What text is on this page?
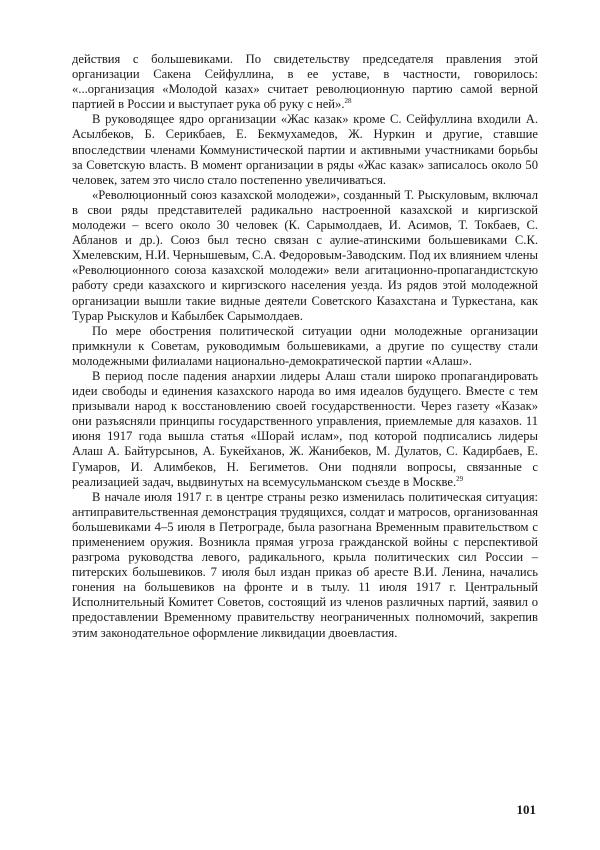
действия с большевиками. По свидетельству председателя правления этой организации Сакена Сейфуллина, в ее уставе, в частности, говорилось: «...организация «Молодой казах» считает революционную партию самой верной партией в России и выступает рука об руку с ней».$^{28}$

В руководящее ядро организации «Жас казак» кроме С. Сейфуллина входили А. Асылбеков, Б. Серикбаев, Е. Бекмухамедов, Ж. Нуркин и другие, ставшие впоследствии членами Коммунистической партии и активными участниками борьбы за Советскую власть. В момент организации в ряды «Жас казак» записалось около 50 человек, затем это число стало постепенно увеличиваться.

«Революционный союз казахской молодежи», созданный Т. Рыскуловым, включал в свои ряды представителей радикально настроенной казахской и киргизской молодежи – всего около 30 человек (К. Сарымолдаев, И. Асимов, Т. Токбаев, С. Абланов и др.). Союз был тесно связан с аулие-атинскими большевиками С.К. Хмелевским, Н.И. Чернышевым, С.А. Федоровым-Заводским. Под их влиянием члены «Революционного союза казахской молодежи» вели агитационно-пропагандистскую работу среди казахского и киргизского населения уезда. Из рядов этой молодежной организации вышли такие видные деятели Советского Казахстана и Туркестана, как Турар Рыскулов и Кабылбек Сарымолдаев.

По мере обострения политической ситуации одни молодежные организации примкнули к Советам, руководимым большевиками, а другие по существу стали молодежными филиалами национально-демократической партии «Алаш».

В период после падения анархии лидеры Алаш стали широко пропагандировать идеи свободы и единения казахского народа во имя идеалов будущего. Вместе с тем призывали народ к восстановлению своей государственности. Через газету «Казак» они разъясняли принципы государственного управления, приемлемые для казахов. 11 июня 1917 года вышла статья «Шорай ислам», под которой подписались лидеры Алаш А. Байтурсынов, А. Букейханов, Ж. Жанибеков, М. Дулатов, С. Кадирбаев, Е. Гумаров, И. Алимбеков, Н. Бегиметов. Они подняли вопросы, связанные с реализацией задач, выдвинутых на всемусульманском съезде в Москве.$^{29}$

В начале июля 1917 г. в центре страны резко изменилась политическая ситуация: антиправительственная демонстрация трудящихся, солдат и матросов, организованная большевиками 4–5 июля в Петрограде, была разогнана Временным правительством с применением оружия. Возникла прямая угроза гражданской войны с перспективой разгрома руководства левого, радикального, крыла политических сил России – питерских большевиков. 7 июля был издан приказ об аресте В.И. Ленина, начались гонения на большевиков на фронте и в тылу. 11 июля 1917 г. Центральный Исполнительный Комитет Советов, состоящий из членов различных партий, заявил о предоставлении Временному правительству неограниченных полномочий, закрепив этим законодательное оформление ликвидации двоевластия.

101
